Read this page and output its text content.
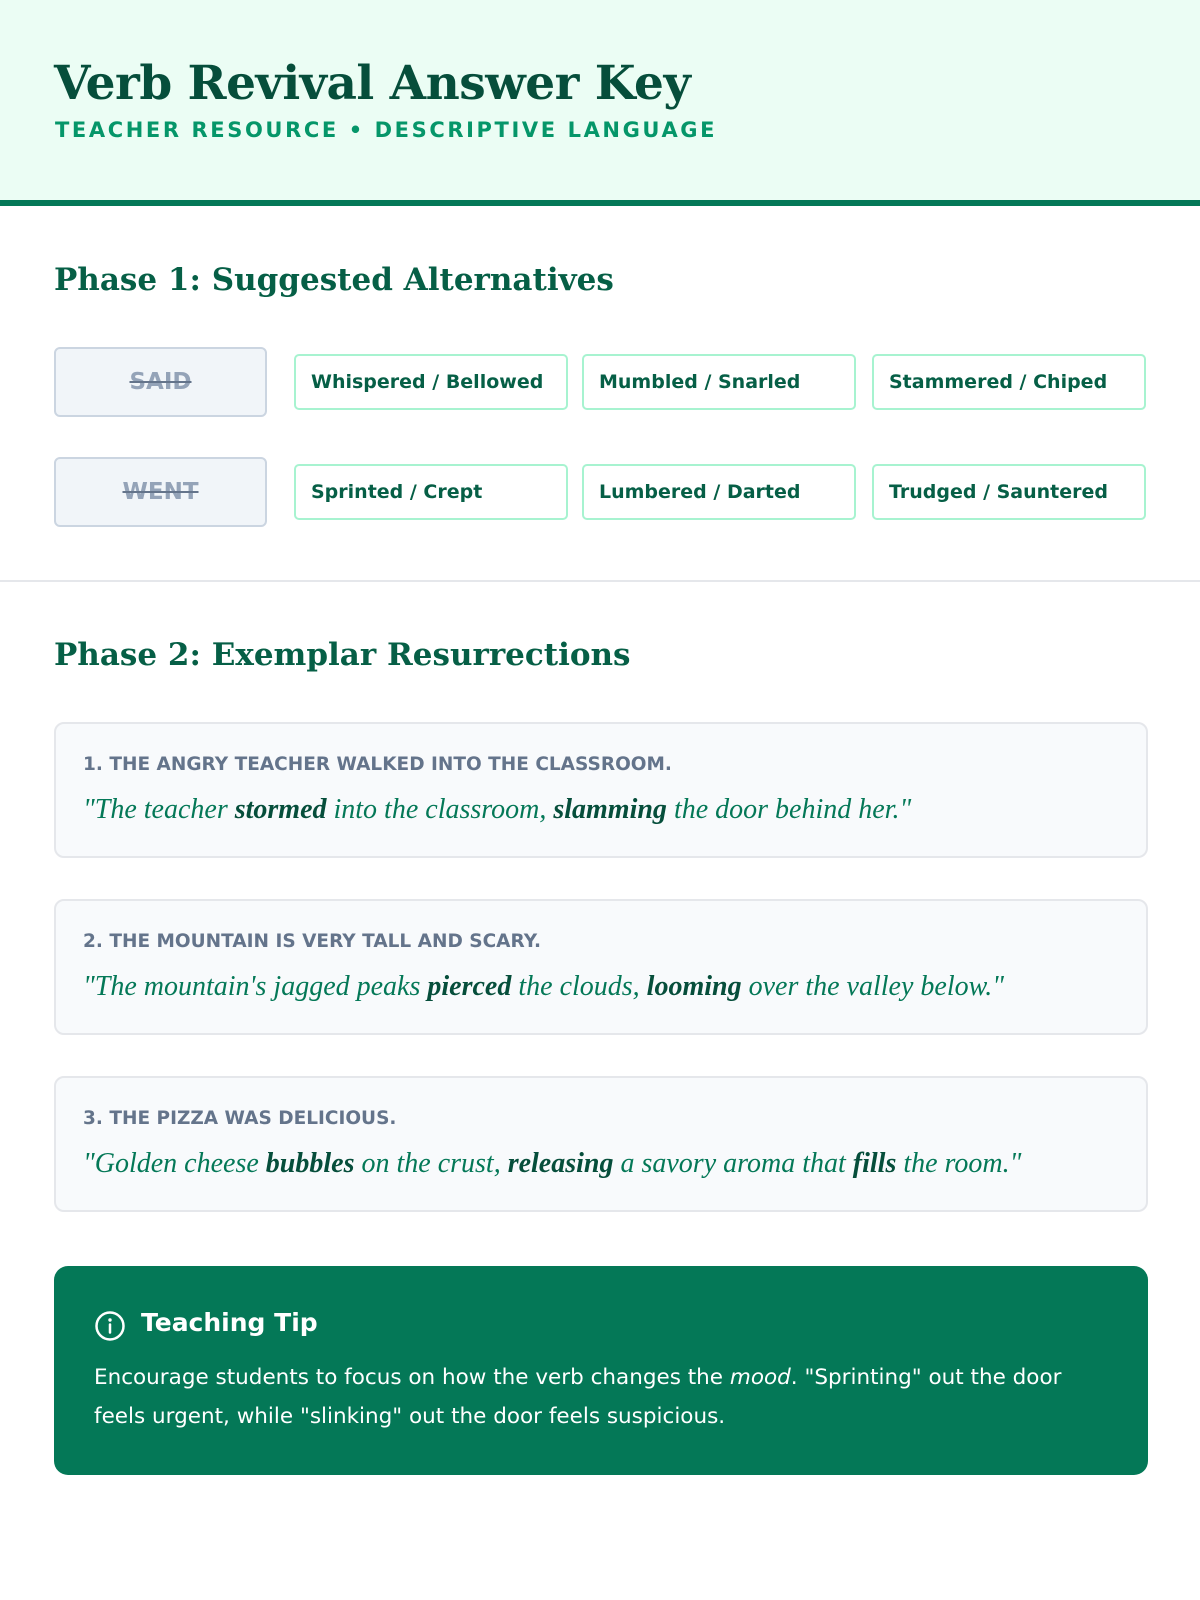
Verb Revival Answer Key
TEACHER RESOURCE • DESCRIPTIVE LANGUAGE
Phase 1: Suggested Alternatives
SAID	Whispered / Bellowed	Mumbled / Snarled	Stammered / Chiped
WENT	Sprinted / Crept	Lumbered / Darted	Trudged / Sauntered
Phase 2: Exemplar Resurrections
1. THE ANGRY TEACHER WALKED INTO THE CLASSROOM.
"The teacher stormed into the classroom, slamming the door behind her."
2. THE MOUNTAIN IS VERY TALL AND SCARY.
"The mountain's jagged peaks pierced the clouds, looming over the valley below."
3. THE PIZZA WAS DELICIOUS.
"Golden cheese bubbles on the crust, releasing a savory aroma that fills the room."
Teaching Tip
Encourage students to focus on how the verb changes the mood. "Sprinting" out the door feels urgent, while "slinking" out the door feels suspicious.
